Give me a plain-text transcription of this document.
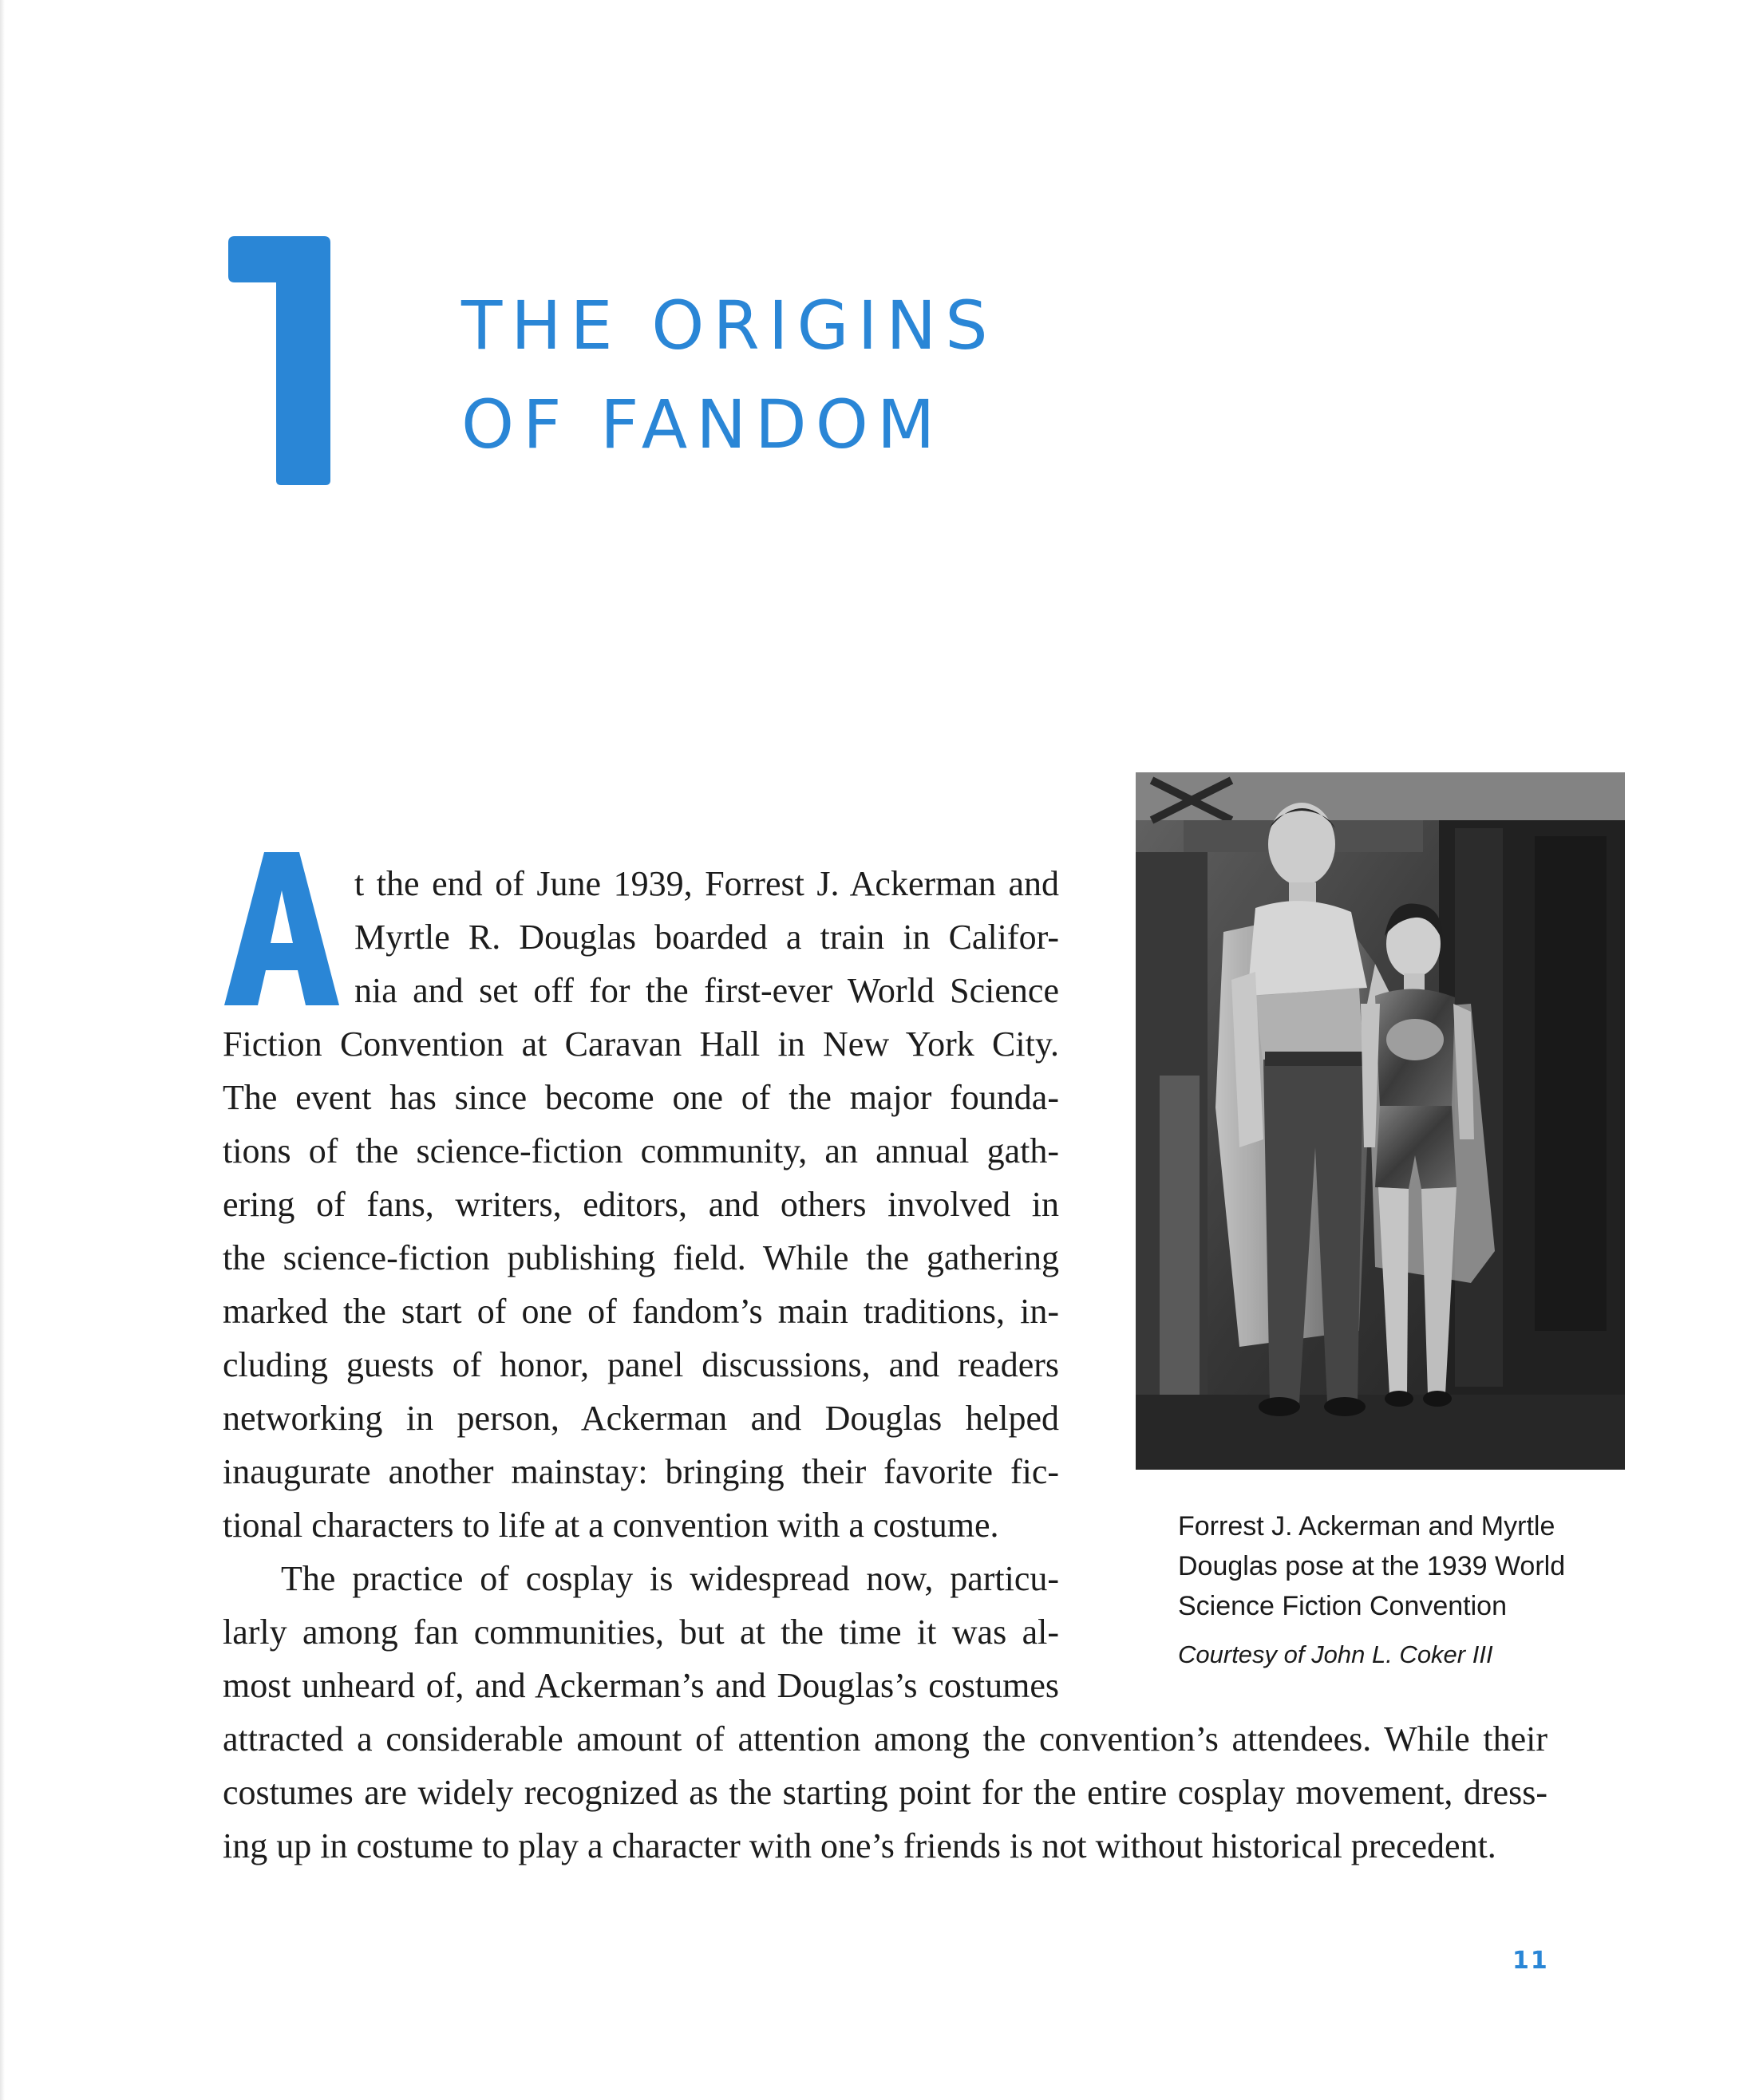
THE ORIGINS
OF FANDOM
t the end of June 1939, Forrest J. Ackerman and
Myrtle R. Douglas boarded a train in Califor-
nia and set off for the first-ever World Science
Fiction Convention at Caravan Hall in New York City.
The event has since become one of the major founda-
tions of the science-fiction community, an annual gath-
ering of fans, writers, editors, and others involved in
the science-fiction publishing field. While the gathering
marked the start of one of fandom’s main traditions, in-
cluding guests of honor, panel discussions, and readers
networking in person, Ackerman and Douglas helped
inaugurate another mainstay: bringing their favorite fic-
tional characters to life at a convention with a costume.
The practice of cosplay is widespread now, particu-
larly among fan communities, but at the time it was al-
most unheard of, and Ackerman’s and Douglas’s costumes
attracted a considerable amount of attention among the convention’s attendees. While their
costumes are widely recognized as the starting point for the entire cosplay movement, dress-
ing up in costume to play a character with one’s friends is not without historical precedent.

Forrest J. Ackerman and Myrtle Douglas pose at the 1939 World Science Fiction Convention

Courtesy of John L. Coker III

11
